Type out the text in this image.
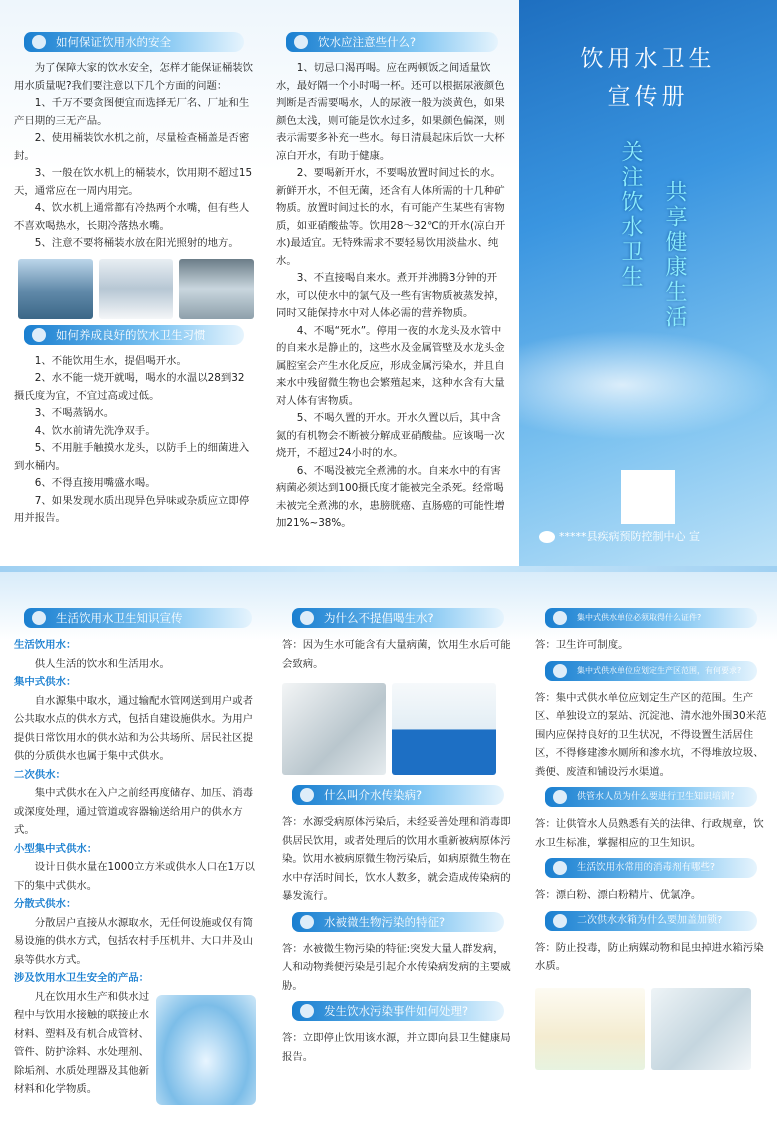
如何保证饮用水的安全

为了保障大家的饮水安全，怎样才能保证桶装饮用水质量呢?我们要注意以下几个方面的问题：

1、千万不要贪图便宜而选择无厂名、厂址和生产日期的三无产品。

2、使用桶装饮水机之前，尽量检查桶盖是否密封。

3、一般在饮水机上的桶装水，饮用期不超过15天，通常应在一周内用完。

4、饮水机上通常都有冷热两个水嘴，但有些人不喜欢喝热水，长期冷落热水嘴。

5、注意不要将桶装水放在阳光照射的地方。

如何养成良好的饮水卫生习惯

1、不能饮用生水，提倡喝开水。

2、水不能一烧开就喝，喝水的水温以28到32摄氏度为宜，不宜过高或过低。

3、不喝蒸锅水。

4、饮水前请先洗净双手。

5、不用脏手触摸水龙头，以防手上的细菌进入到水桶内。

6、不得直接用嘴盛水喝。

7、如果发现水质出现异色异味或杂质应立即停用并报告。

饮水应注意些什么?

1、切忌口渴再喝。应在两顿饭之间适量饮水，最好隔一个小时喝一杯。还可以根据尿液颜色判断是否需要喝水，人的尿液一般为淡黄色，如果颜色太浅，则可能是饮水过多，如果颜色偏深，则表示需要多补充一些水。每日清晨起床后饮一大杯凉白开水，有助于健康。

2、要喝新开水，不要喝放置时间过长的水。新鲜开水，不但无菌，还含有人体所需的十几种矿物质。放置时间过长的水，有可能产生某些有害物质，如亚硝酸盐等。饮用28～32℃的开水(凉白开水)最适宜。无特殊需求不要轻易饮用淡盐水、纯水。

3、不直接喝自来水。煮开并沸腾3分钟的开水，可以使水中的氯气及一些有害物质被蒸发掉，同时又能保持水中对人体必需的营养物质。

4、不喝“死水”。停用一夜的水龙头及水管中的自来水是静止的，这些水及金属管壁及水龙头金属腔室会产生水化反应，形成金属污染水，并且自来水中残留微生物也会繁殖起来，这种水含有大量对人体有害物质。

5、不喝久置的开水。开水久置以后，其中含氮的有机物会不断被分解成亚硝酸盐。应该喝一次烧开，不超过24小时的水。

6、不喝没被完全煮沸的水。自来水中的有害病菌必须达到100摄氏度才能被完全杀死。经常喝未被完全煮沸的水，患膀胱癌、直肠癌的可能性增加21%~38%。

饮用水卫生
宣传册
关注饮水卫生 共享健康生活
*****县疾病预防控制中心 宣
生活饮用水卫生知识宣传

生活饮用水：

供人生活的饮水和生活用水。

集中式供水：

自水源集中取水，通过输配水管网送到用户或者公共取水点的供水方式，包括自建设施供水。为用户提供日常饮用水的供水站和为公共场所、居民社区提供的分质供水也属于集中式供水。

二次供水：

集中式供水在入户之前经再度储存、加压、消毒或深度处理，通过管道或容器输送给用户的供水方式。

小型集中式供水：

设计日供水量在1000立方米或供水人口在1万以下的集中式供水。

分散式供水：

分散居户直接从水源取水，无任何设施或仅有简易设施的供水方式，包括农村手压机井、大口井及山泉等供水方式。

涉及饮用水卫生安全的产品：

凡在饮用水生产和供水过程中与饮用水接触的联接止水材料、塑料及有机合成管材、管件、防护涂料、水处理剂、除垢剂、水质处理器及其他新材料和化学物质。

为什么不提倡喝生水?

答：因为生水可能含有大量病菌，饮用生水后可能会致病。

什么叫介水传染病?

答：水源受病原体污染后，未经妥善处理和消毒即供居民饮用，或者处理后的饮用水重新被病原体污染。饮用水被病原微生物污染后，如病原微生物在水中存活时间长，饮水人数多，就会造成传染病的暴发流行。

水被微生物污染的特征?

答：水被微生物污染的特征:突发大量人群发病，人和动物粪便污染是引起介水传染病发病的主要威胁。

发生饮水污染事件如何处理?

答：立即停止饮用该水源，并立即向县卫生健康局报告。

集中式供水单位必须取得什么证件?

答：卫生许可制度。

集中式供水单位应划定生产区范围，有何要求?

答：集中式供水单位应划定生产区的范围。生产区、单独设立的泵站、沉淀池、清水池外围30米范围内应保持良好的卫生状况，不得设置生活居住区，不得修建渗水厕所和渗水坑，不得堆放垃圾、粪便、废渣和铺设污水渠道。

供管水人员为什么要进行卫生知识培训?

答：让供管水人员熟悉有关的法律、行政规章，饮水卫生标准，掌握相应的卫生知识。

生活饮用水常用的消毒剂有哪些?

答：漂白粉、漂白粉精片、优氯净。

二次供水水箱为什么要加盖加锁?

答：防止投毒，防止病媒动物和昆虫掉进水箱污染水质。
